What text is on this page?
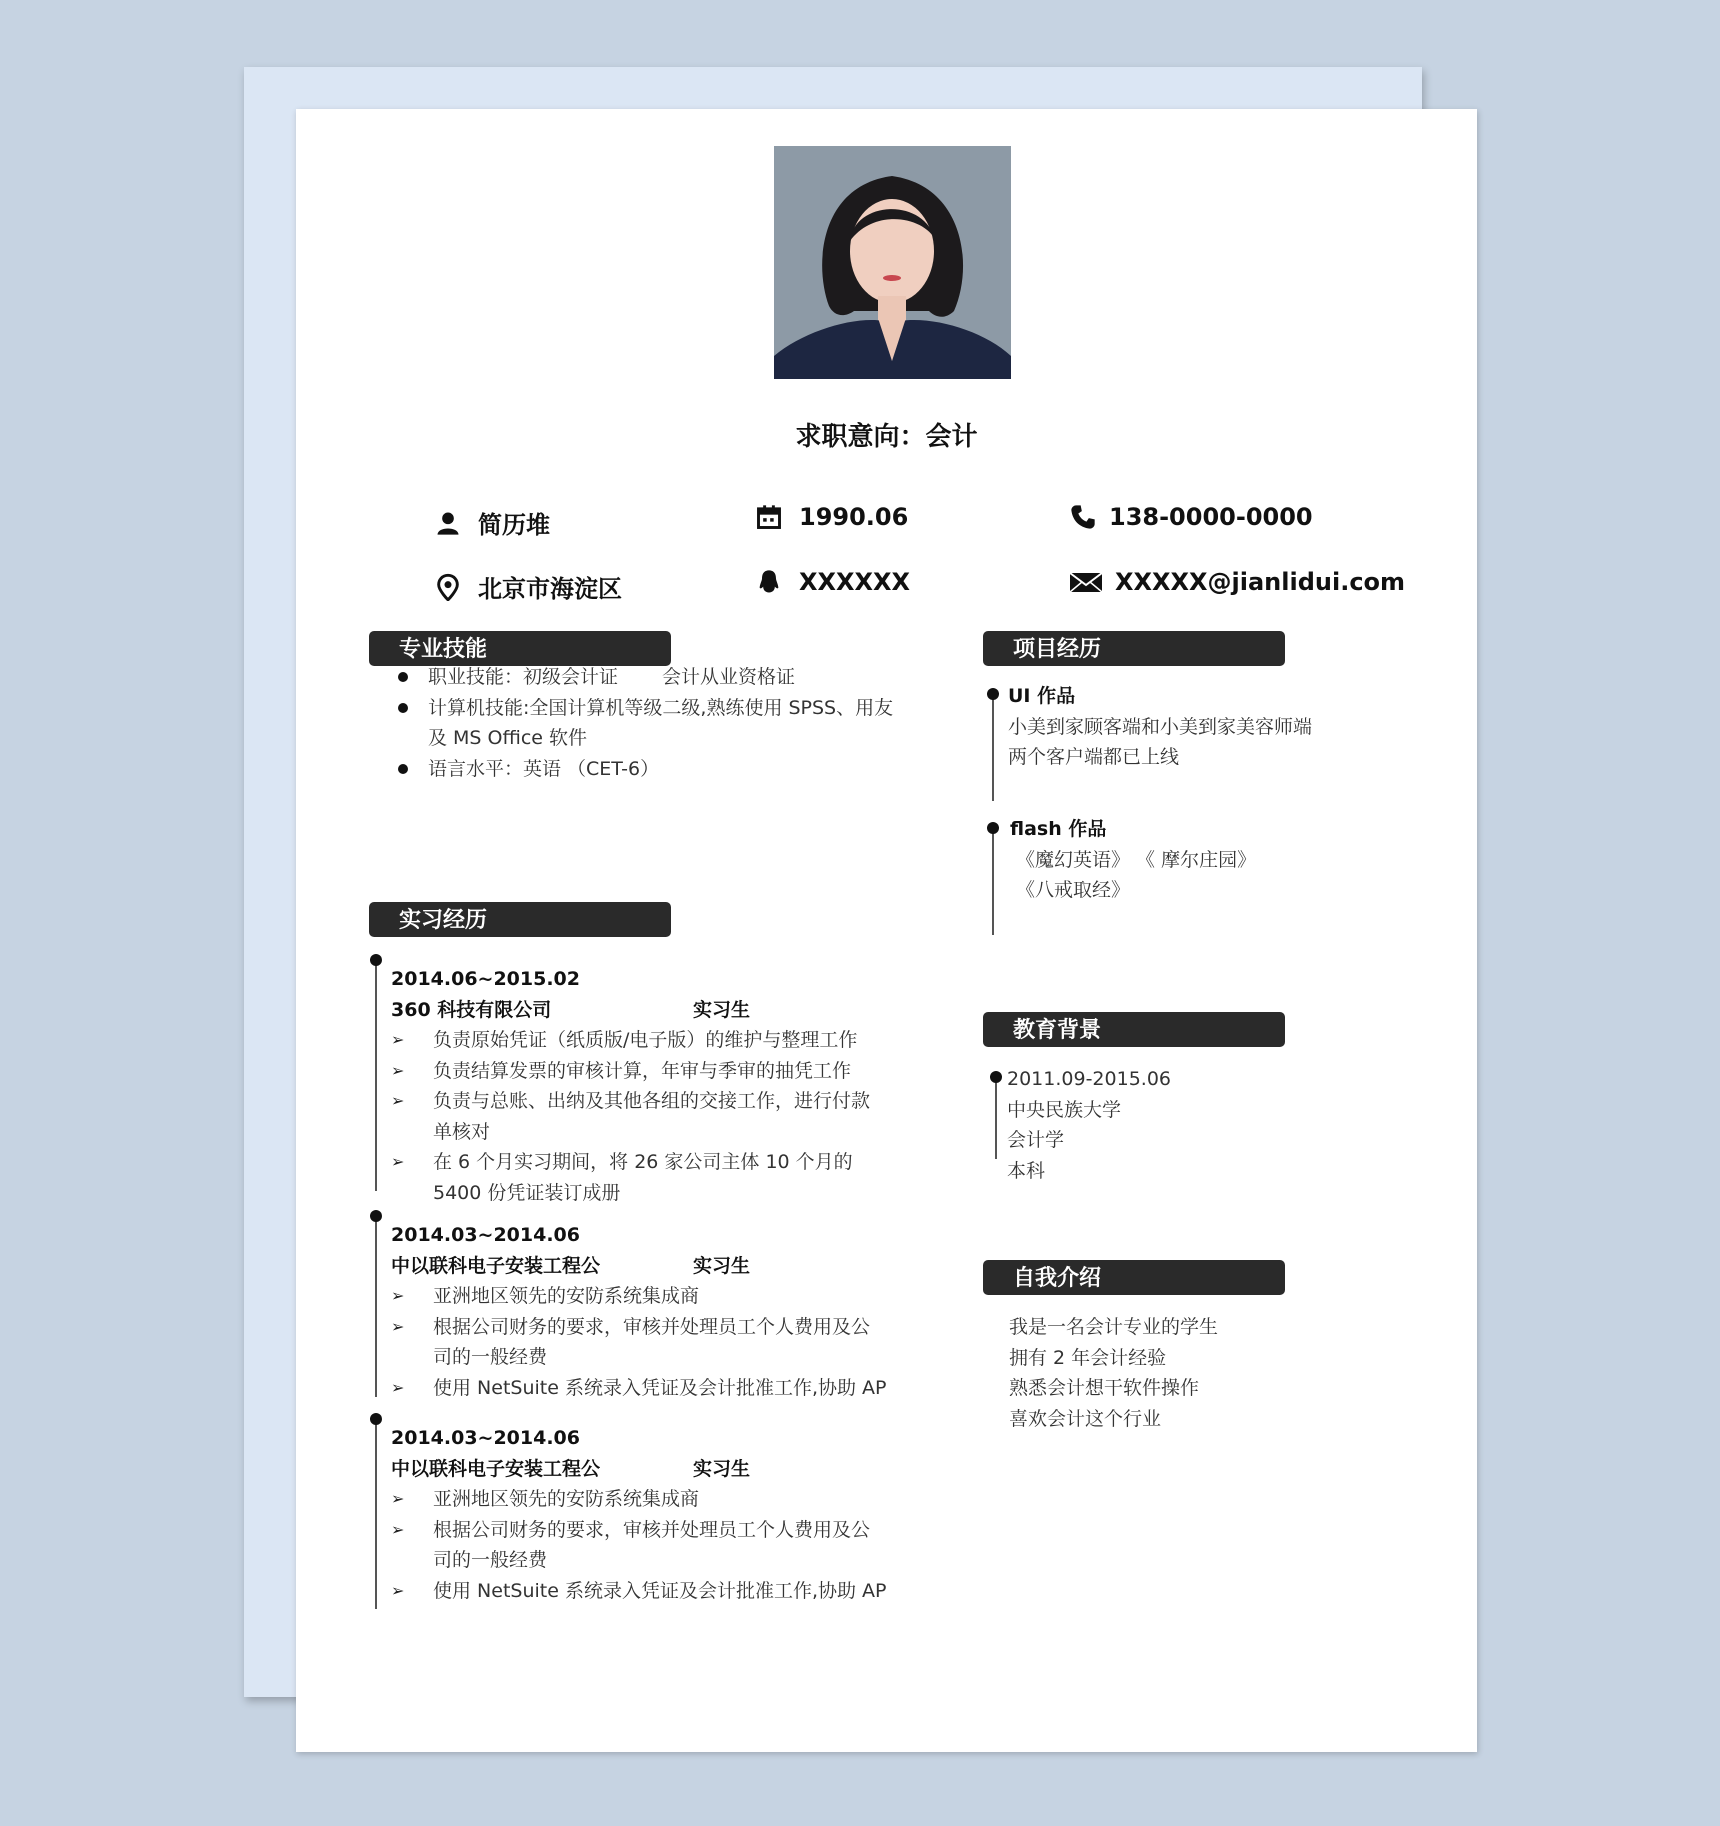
求职意向：会计
简历堆	1990.06	138-0000-0000
北京市海淀区	XXXXXX	XXXXX@jianlidui.com
专业技能
实习经历
项目经历
教育背景
自我介绍
职业技能：初级会计证 会计从业资格证
计算机技能:全国计算机等级二级,熟练使用 SPSS、用友
及 MS Office 软件
语言水平：英语 （CET-6）
2014.06~2015.02
360 科技有限公司	实习生
➢ 负责原始凭证（纸质版/电子版）的维护与整理工作
➢ 负责结算发票的审核计算，年审与季审的抽凭工作
➢ 负责与总账、出纳及其他各组的交接工作，进行付款
单核对
➢ 在 6 个月实习期间，将 26 家公司主体 10 个月的
5400 份凭证装订成册
2014.03~2014.06
中以联科电子安装工程公	实习生
➢ 亚洲地区领先的安防系统集成商
➢ 根据公司财务的要求，审核并处理员工个人费用及公
司的一般经费
➢ 使用 NetSuite 系统录入凭证及会计批准工作,协助 AP
2014.03~2014.06
中以联科电子安装工程公	实习生
➢ 亚洲地区领先的安防系统集成商
➢ 根据公司财务的要求，审核并处理员工个人费用及公
司的一般经费
➢ 使用 NetSuite 系统录入凭证及会计批准工作,协助 AP
UI 作品
小美到家顾客端和小美到家美容师端
两个客户端都已上线
flash 作品
《魔幻英语》 《 摩尔庄园》
《八戒取经》
2011.09-2015.06
中央民族大学
会计学
本科
我是一名会计专业的学生
拥有 2 年会计经验
熟悉会计想干软件操作
喜欢会计这个行业
